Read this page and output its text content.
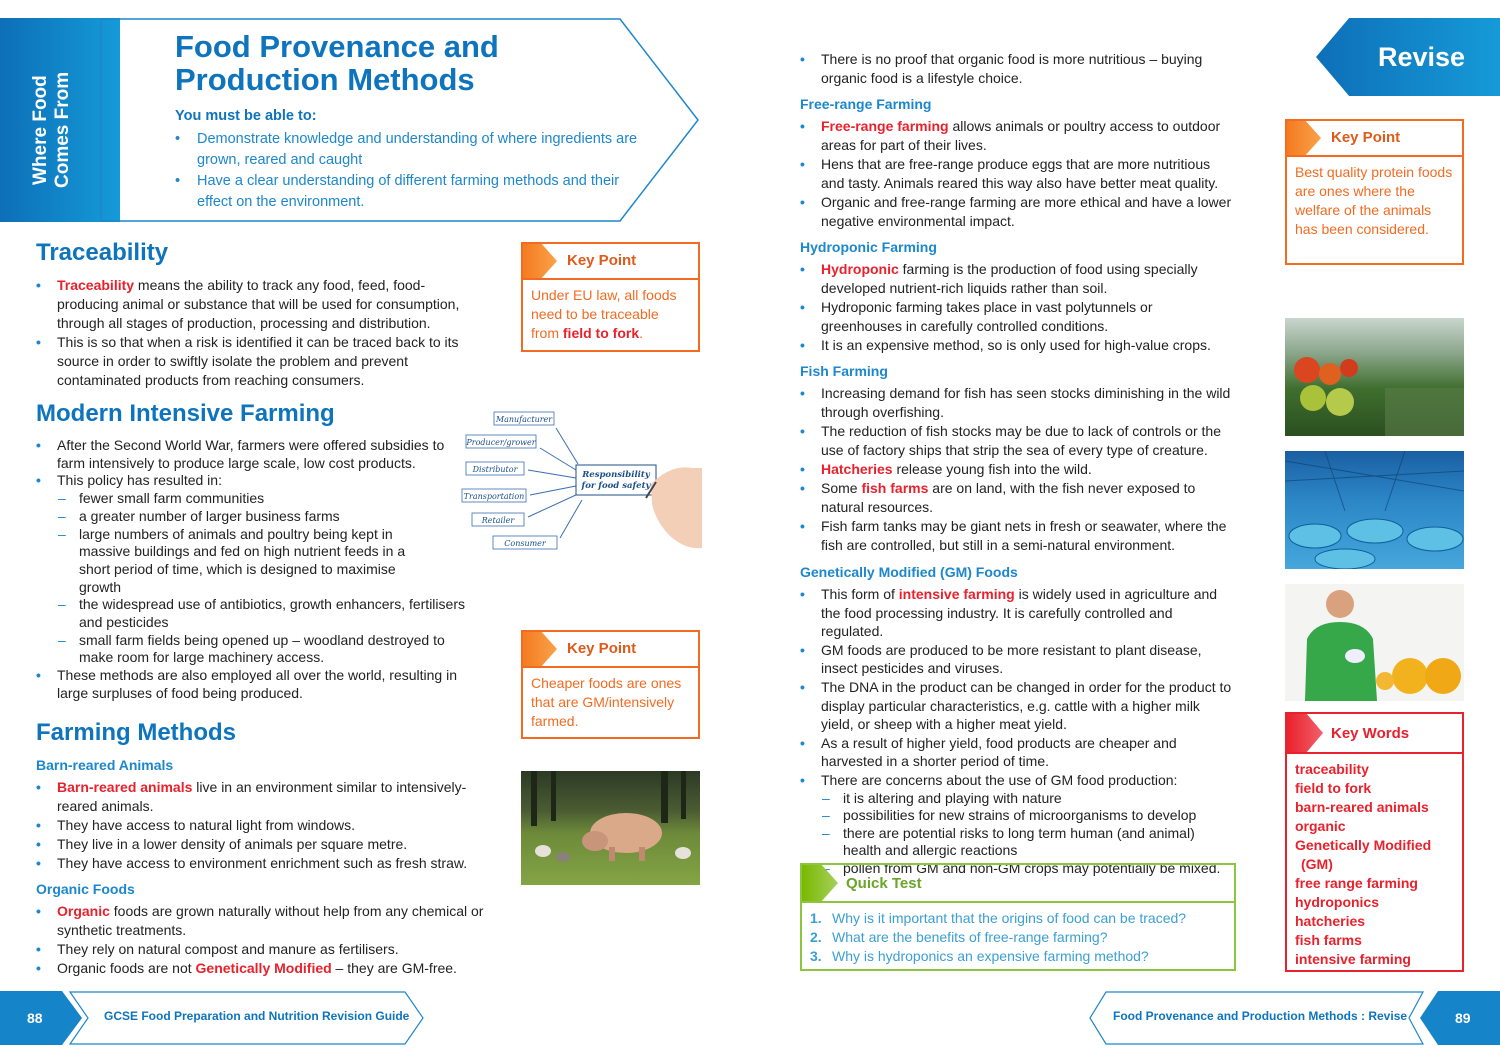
Where Food Comes From
Food Provenance and
Production Methods
You must be able to:
• Demonstrate knowledge and understanding of where ingredients are grown, reared and caught
• Have a clear understanding of different farming methods and their effect on the environment.
Traceability
• Traceability means the ability to track any food, feed, food-producing animal or substance that will be used for consumption, through all stages of production, processing and distribution.
• This is so that when a risk is identified it can be traced back to its source in order to swiftly isolate the problem and prevent contaminated products from reaching consumers.
Key Point
Under EU law, all foods need to be traceable from field to fork.
Modern Intensive Farming
• After the Second World War, farmers were offered subsidies to farm intensively to produce large scale, low cost products.
• This policy has resulted in:
– fewer small farm communities
– a greater number of larger business farms
– large numbers of animals and poultry being kept in massive buildings and fed on high nutrient feeds in a short period of time, which is designed to maximise growth
– the widespread use of antibiotics, growth enhancers, fertilisers and pesticides
– small farm fields being opened up – woodland destroyed to make room for large machinery access.
• These methods are also employed all over the world, resulting in large surpluses of food being produced.
Manufacturer
Producer/grower
Distributor
Transportation
Retailer
Consumer
Responsibility
for food safety
Key Point
Cheaper foods are ones that are GM/intensively farmed.
Farming Methods
Barn-reared Animals
• Barn-reared animals live in an environment similar to intensively-reared animals.
• They have access to natural light from windows.
• They live in a lower density of animals per square metre.
• They have access to environment enrichment such as fresh straw.
Organic Foods
• Organic foods are grown naturally without help from any chemical or synthetic treatments.
• They rely on natural compost and manure as fertilisers.
• Organic foods are not Genetically Modified – they are GM-free.
88	GCSE Food Preparation and Nutrition Revision Guide
• There is no proof that organic food is more nutritious – buying organic food is a lifestyle choice.
Free-range Farming
• Free-range farming allows animals or poultry access to outdoor areas for part of their lives.
• Hens that are free-range produce eggs that are more nutritious and tasty. Animals reared this way also have better meat quality.
• Organic and free-range farming are more ethical and have a lower negative environmental impact.
Hydroponic Farming
• Hydroponic farming is the production of food using specially developed nutrient-rich liquids rather than soil.
• Hydroponic farming takes place in vast polytunnels or greenhouses in carefully controlled conditions.
• It is an expensive method, so is only used for high-value crops.
Fish Farming
• Increasing demand for fish has seen stocks diminishing in the wild through overfishing.
• The reduction of fish stocks may be due to lack of controls or the use of factory ships that strip the sea of every type of creature.
• Hatcheries release young fish into the wild.
• Some fish farms are on land, with the fish never exposed to natural resources.
• Fish farm tanks may be giant nets in fresh or seawater, where the fish are controlled, but still in a semi-natural environment.
Genetically Modified (GM) Foods
• This form of intensive farming is widely used in agriculture and the food processing industry. It is carefully controlled and regulated.
• GM foods are produced to be more resistant to plant disease, insect pesticides and viruses.
• The DNA in the product can be changed in order for the product to display particular characteristics, e.g. cattle with a higher milk yield, or sheep with a higher meat yield.
• As a result of higher yield, food products are cheaper and harvested in a shorter period of time.
• There are concerns about the use of GM food production:
– it is altering and playing with nature
– possibilities for new strains of microorganisms to develop
– there are potential risks to long term human (and animal) health and allergic reactions
– pollen from GM and non-GM crops may potentially be mixed.
Quick Test
1. Why is it important that the origins of food can be traced?
2. What are the benefits of free-range farming?
3. Why is hydroponics an expensive farming method?
Revise
Key Point
Best quality protein foods are ones where the welfare of the animals has been considered.
Key Words
traceability
field to fork
barn-reared animals
organic
Genetically Modified
(GM)
free range farming
hydroponics
hatcheries
fish farms
intensive farming
Food Provenance and Production Methods : Revise	89
